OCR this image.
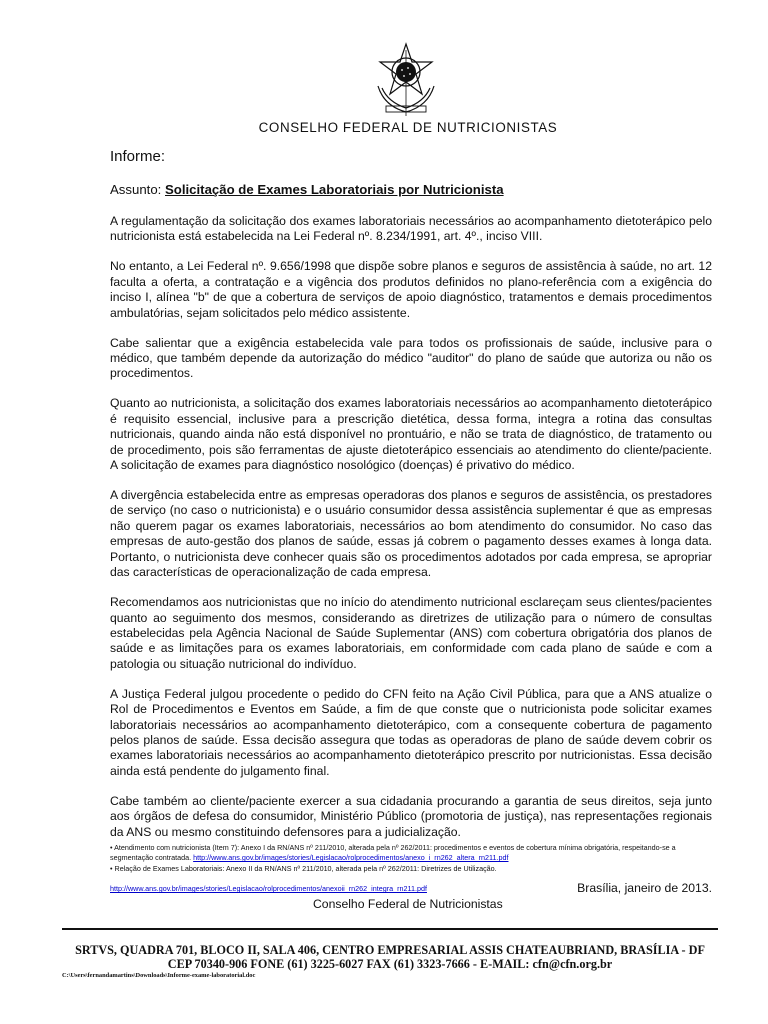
CONSELHO FEDERAL DE NUTRICIONISTAS
Informe:
Assunto: Solicitação de Exames Laboratoriais por Nutricionista

A regulamentação da solicitação dos exames laboratoriais necessários ao acompanhamento dietoterápico pelo nutricionista está estabelecida na Lei Federal nº. 8.234/1991, art. 4º., inciso VIII.

No entanto, a Lei Federal nº. 9.656/1998 que dispõe sobre planos e seguros de assistência à saúde, no art. 12 faculta a oferta, a contratação e a vigência dos produtos definidos no plano-referência com a exigência do inciso I, alínea "b" de que a cobertura de serviços de apoio diagnóstico, tratamentos e demais procedimentos ambulatórias, sejam solicitados pelo médico assistente.

Cabe salientar que a exigência estabelecida vale para todos os profissionais de saúde, inclusive para o médico, que também depende da autorização do médico "auditor" do plano de saúde que autoriza ou não os procedimentos.

Quanto ao nutricionista, a solicitação dos exames laboratoriais necessários ao acompanhamento dietoterápico é requisito essencial, inclusive para a prescrição dietética, dessa forma, integra a rotina das consultas nutricionais, quando ainda não está disponível no prontuário, e não se trata de diagnóstico, de tratamento ou de procedimento, pois são ferramentas de ajuste dietoterápico essenciais ao atendimento do cliente/paciente. A solicitação de exames para diagnóstico nosológico (doenças) é privativo do médico.

A divergência estabelecida entre as empresas operadoras dos planos e seguros de assistência, os prestadores de serviço (no caso o nutricionista) e o usuário consumidor dessa assistência suplementar é que as empresas não querem pagar os exames laboratoriais, necessários ao bom atendimento do consumidor. No caso das empresas de auto-gestão dos planos de saúde, essas já cobrem o pagamento desses exames à longa data. Portanto, o nutricionista deve conhecer quais são os procedimentos adotados por cada empresa, se apropriar das características de operacionalização de cada empresa.

Recomendamos aos nutricionistas que no início do atendimento nutricional esclareçam seus clientes/pacientes quanto ao seguimento dos mesmos, considerando as diretrizes de utilização para o número de consultas estabelecidas pela Agência Nacional de Saúde Suplementar (ANS) com cobertura obrigatória dos planos de saúde e as limitações para os exames laboratoriais, em conformidade com cada plano de saúde e com a patologia ou situação nutricional do indivíduo.

A Justiça Federal julgou procedente o pedido do CFN feito na Ação Civil Pública, para que a ANS atualize o Rol de Procedimentos e Eventos em Saúde, a fim de que conste que o nutricionista pode solicitar exames laboratoriais necessários ao acompanhamento dietoterápico, com a consequente cobertura de pagamento pelos planos de saúde. Essa decisão assegura que todas as operadoras de plano de saúde devem cobrir os exames laboratoriais necessários ao acompanhamento dietoterápico prescrito por nutricionistas. Essa decisão ainda está pendente do julgamento final.

Cabe também ao cliente/paciente exercer a sua cidadania procurando a garantia de seus direitos, seja junto aos órgãos de defesa do consumidor, Ministério Público (promotoria de justiça), nas representações regionais da ANS ou mesmo constituindo defensores para a judicialização.

• Atendimento com nutricionista (Item 7): Anexo I da RN/ANS nº 211/2010, alterada pela nº 262/2011: procedimentos e eventos de cobertura mínima obrigatória, respeitando-se a segmentação contratada. http://www.ans.gov.br/images/stories/Legislacao/rolprocedimentos/anexo_i_rn262_altera_rn211.pdf

• Relação de Exames Laboratoriais: Anexo II da RN/ANS nº 211/2010, alterada pela nº 262/2011: Diretrizes de Utilização.

http://www.ans.gov.br/images/stories/Legislacao/rolprocedimentos/anexoii_rn262_integra_rn211.pdf	Brasília, janeiro de 2013.
Conselho Federal de Nutricionistas
SRTVS, QUADRA 701, BLOCO II, SALA 406, CENTRO EMPRESARIAL ASSIS CHATEAUBRIAND, BRASÍLIA - DF
CEP 70340-906 FONE (61) 3225-6027 FAX (61) 3323-7666 - E-MAIL: cfn@cfn.org.br
C:\Users\fernandamartins\Downloads\Informe-exame-laboratorial.doc
